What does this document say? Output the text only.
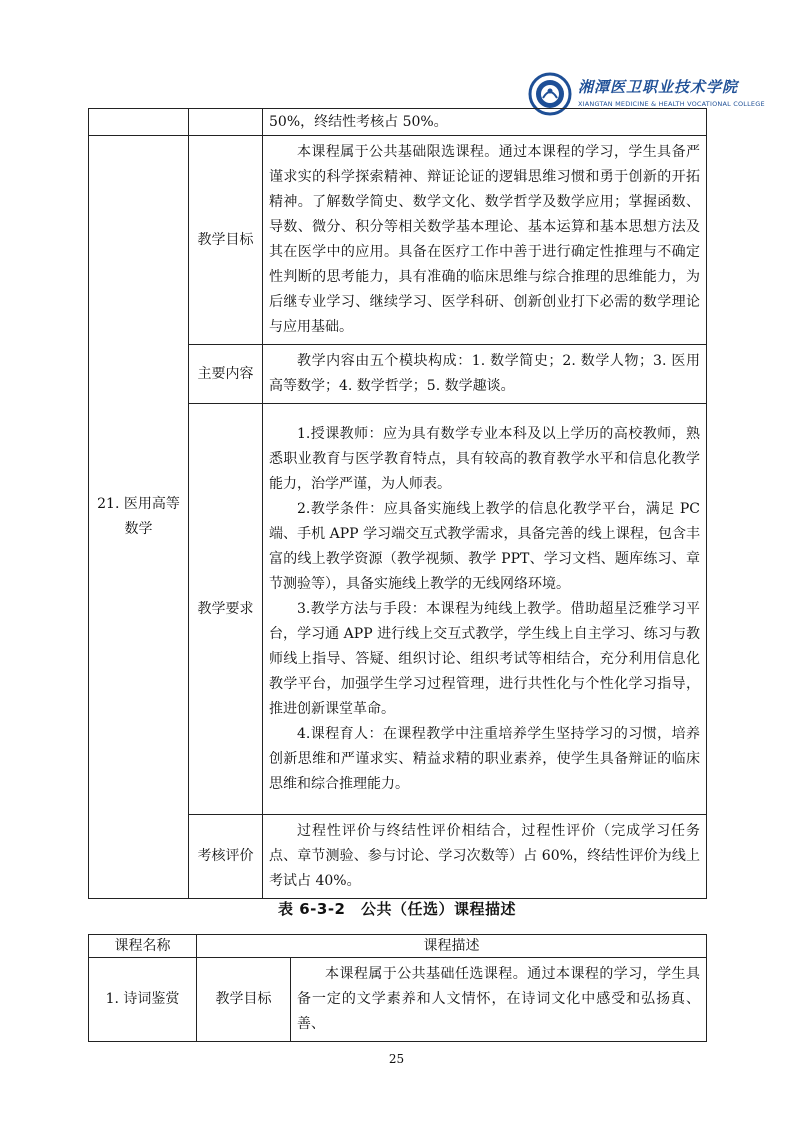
湘潭医卫职业技术学院
XIANGTAN MEDICINE & HEALTH VOCATIONAL COLLEGE

		50%，终结性考核占 50%。

21. 医用高等数学	教学目标	本课程属于公共基础限选课程。通过本课程的学习，学生具备严谨求实的科学探索精神、辩证论证的逻辑思维习惯和勇于创新的开拓精神。了解数学简史、数学文化、数学哲学及数学应用；掌握函数、导数、微分、积分等相关数学基本理论、基本运算和基本思想方法及其在医学中的应用。具备在医疗工作中善于进行确定性推理与不确定性判断的思考能力，具有准确的临床思维与综合推理的思维能力，为后继专业学习、继续学习、医学科研、创新创业打下必需的数学理论与应用基础。

	主要内容	教学内容由五个模块构成：1. 数学简史；2. 数学人物；3. 医用高等数学；4. 数学哲学；5. 数学趣谈。

	教学要求	1.授课教师：应为具有数学专业本科及以上学历的高校教师，熟悉职业教育与医学教育特点，具有较高的教育教学水平和信息化教学能力，治学严谨，为人师表。

2.教学条件：应具备实施线上教学的信息化教学平台，满足 PC 端、手机 APP 学习端交互式教学需求，具备完善的线上课程，包含丰富的线上教学资源（教学视频、教学 PPT、学习文档、题库练习、章节测验等），具备实施线上教学的无线网络环境。

3.教学方法与手段：本课程为纯线上教学。借助超星泛雅学习平台，学习通 APP 进行线上交互式教学，学生线上自主学习、练习与教师线上指导、答疑、组织讨论、组织考试等相结合，充分利用信息化教学平台，加强学生学习过程管理，进行共性化与个性化学习指导，推进创新课堂革命。

4.课程育人：在课程教学中注重培养学生坚持学习的习惯，培养创新思维和严谨求实、精益求精的职业素养，使学生具备辩证的临床思维和综合推理能力。

	考核评价	过程性评价与终结性评价相结合，过程性评价（完成学习任务点、章节测验、参与讨论、学习次数等）占 60%，终结性评价为线上考试占 40%。

表 6-3-2　公共（任选）课程描述
课程名称	课程描述	
1. 诗词鉴赏	教学目标	本课程属于公共基础任选课程。通过本课程的学习，学生具备一定的文学素养和人文情怀，在诗词文化中感受和弘扬真、善、

25
